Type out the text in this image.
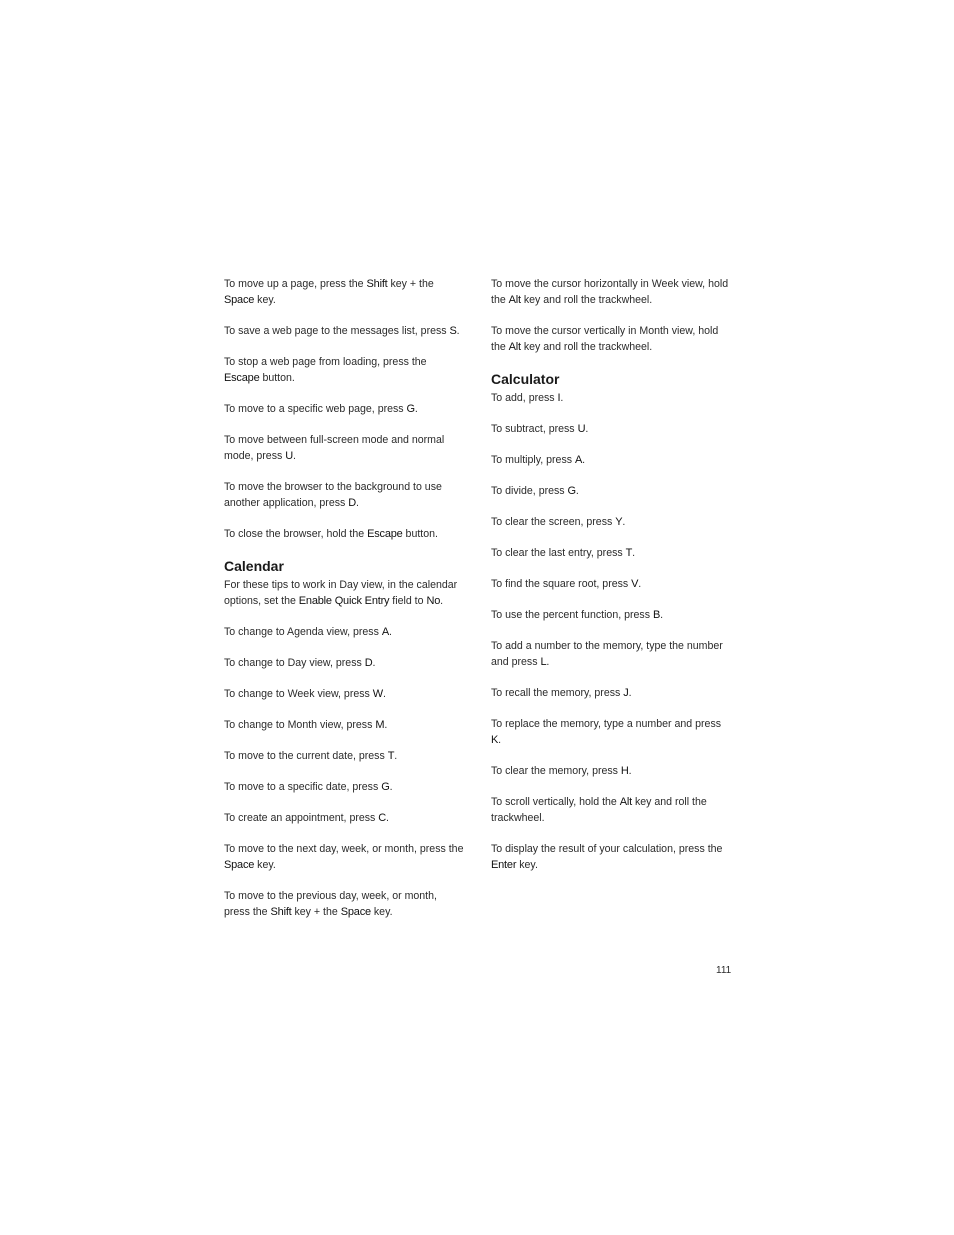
To move up a page, press the Shift key + the Space key.

To save a web page to the messages list, press S.

To stop a web page from loading, press the Escape button.

To move to a specific web page, press G.

To move between full-screen mode and normal mode, press U.

To move the browser to the background to use another application, press D.

To close the browser, hold the Escape button.

Calendar

For these tips to work in Day view, in the calendar options, set the Enable Quick Entry field to No.

To change to Agenda view, press A.

To change to Day view, press D.

To change to Week view, press W.

To change to Month view, press M.

To move to the current date, press T.

To move to a specific date, press G.

To create an appointment, press C.

To move to the next day, week, or month, press the Space key.

To move to the previous day, week, or month, press the Shift key + the Space key.

To move the cursor horizontally in Week view, hold the Alt key and roll the trackwheel.

To move the cursor vertically in Month view, hold the Alt key and roll the trackwheel.

Calculator

To add, press I.

To subtract, press U.

To multiply, press A.

To divide, press G.

To clear the screen, press Y.

To clear the last entry, press T.

To find the square root, press V.

To use the percent function, press B.

To add a number to the memory, type the number and press L.

To recall the memory, press J.

To replace the memory, type a number and press K.

To clear the memory, press H.

To scroll vertically, hold the Alt key and roll the trackwheel.

To display the result of your calculation, press the Enter key.

111
